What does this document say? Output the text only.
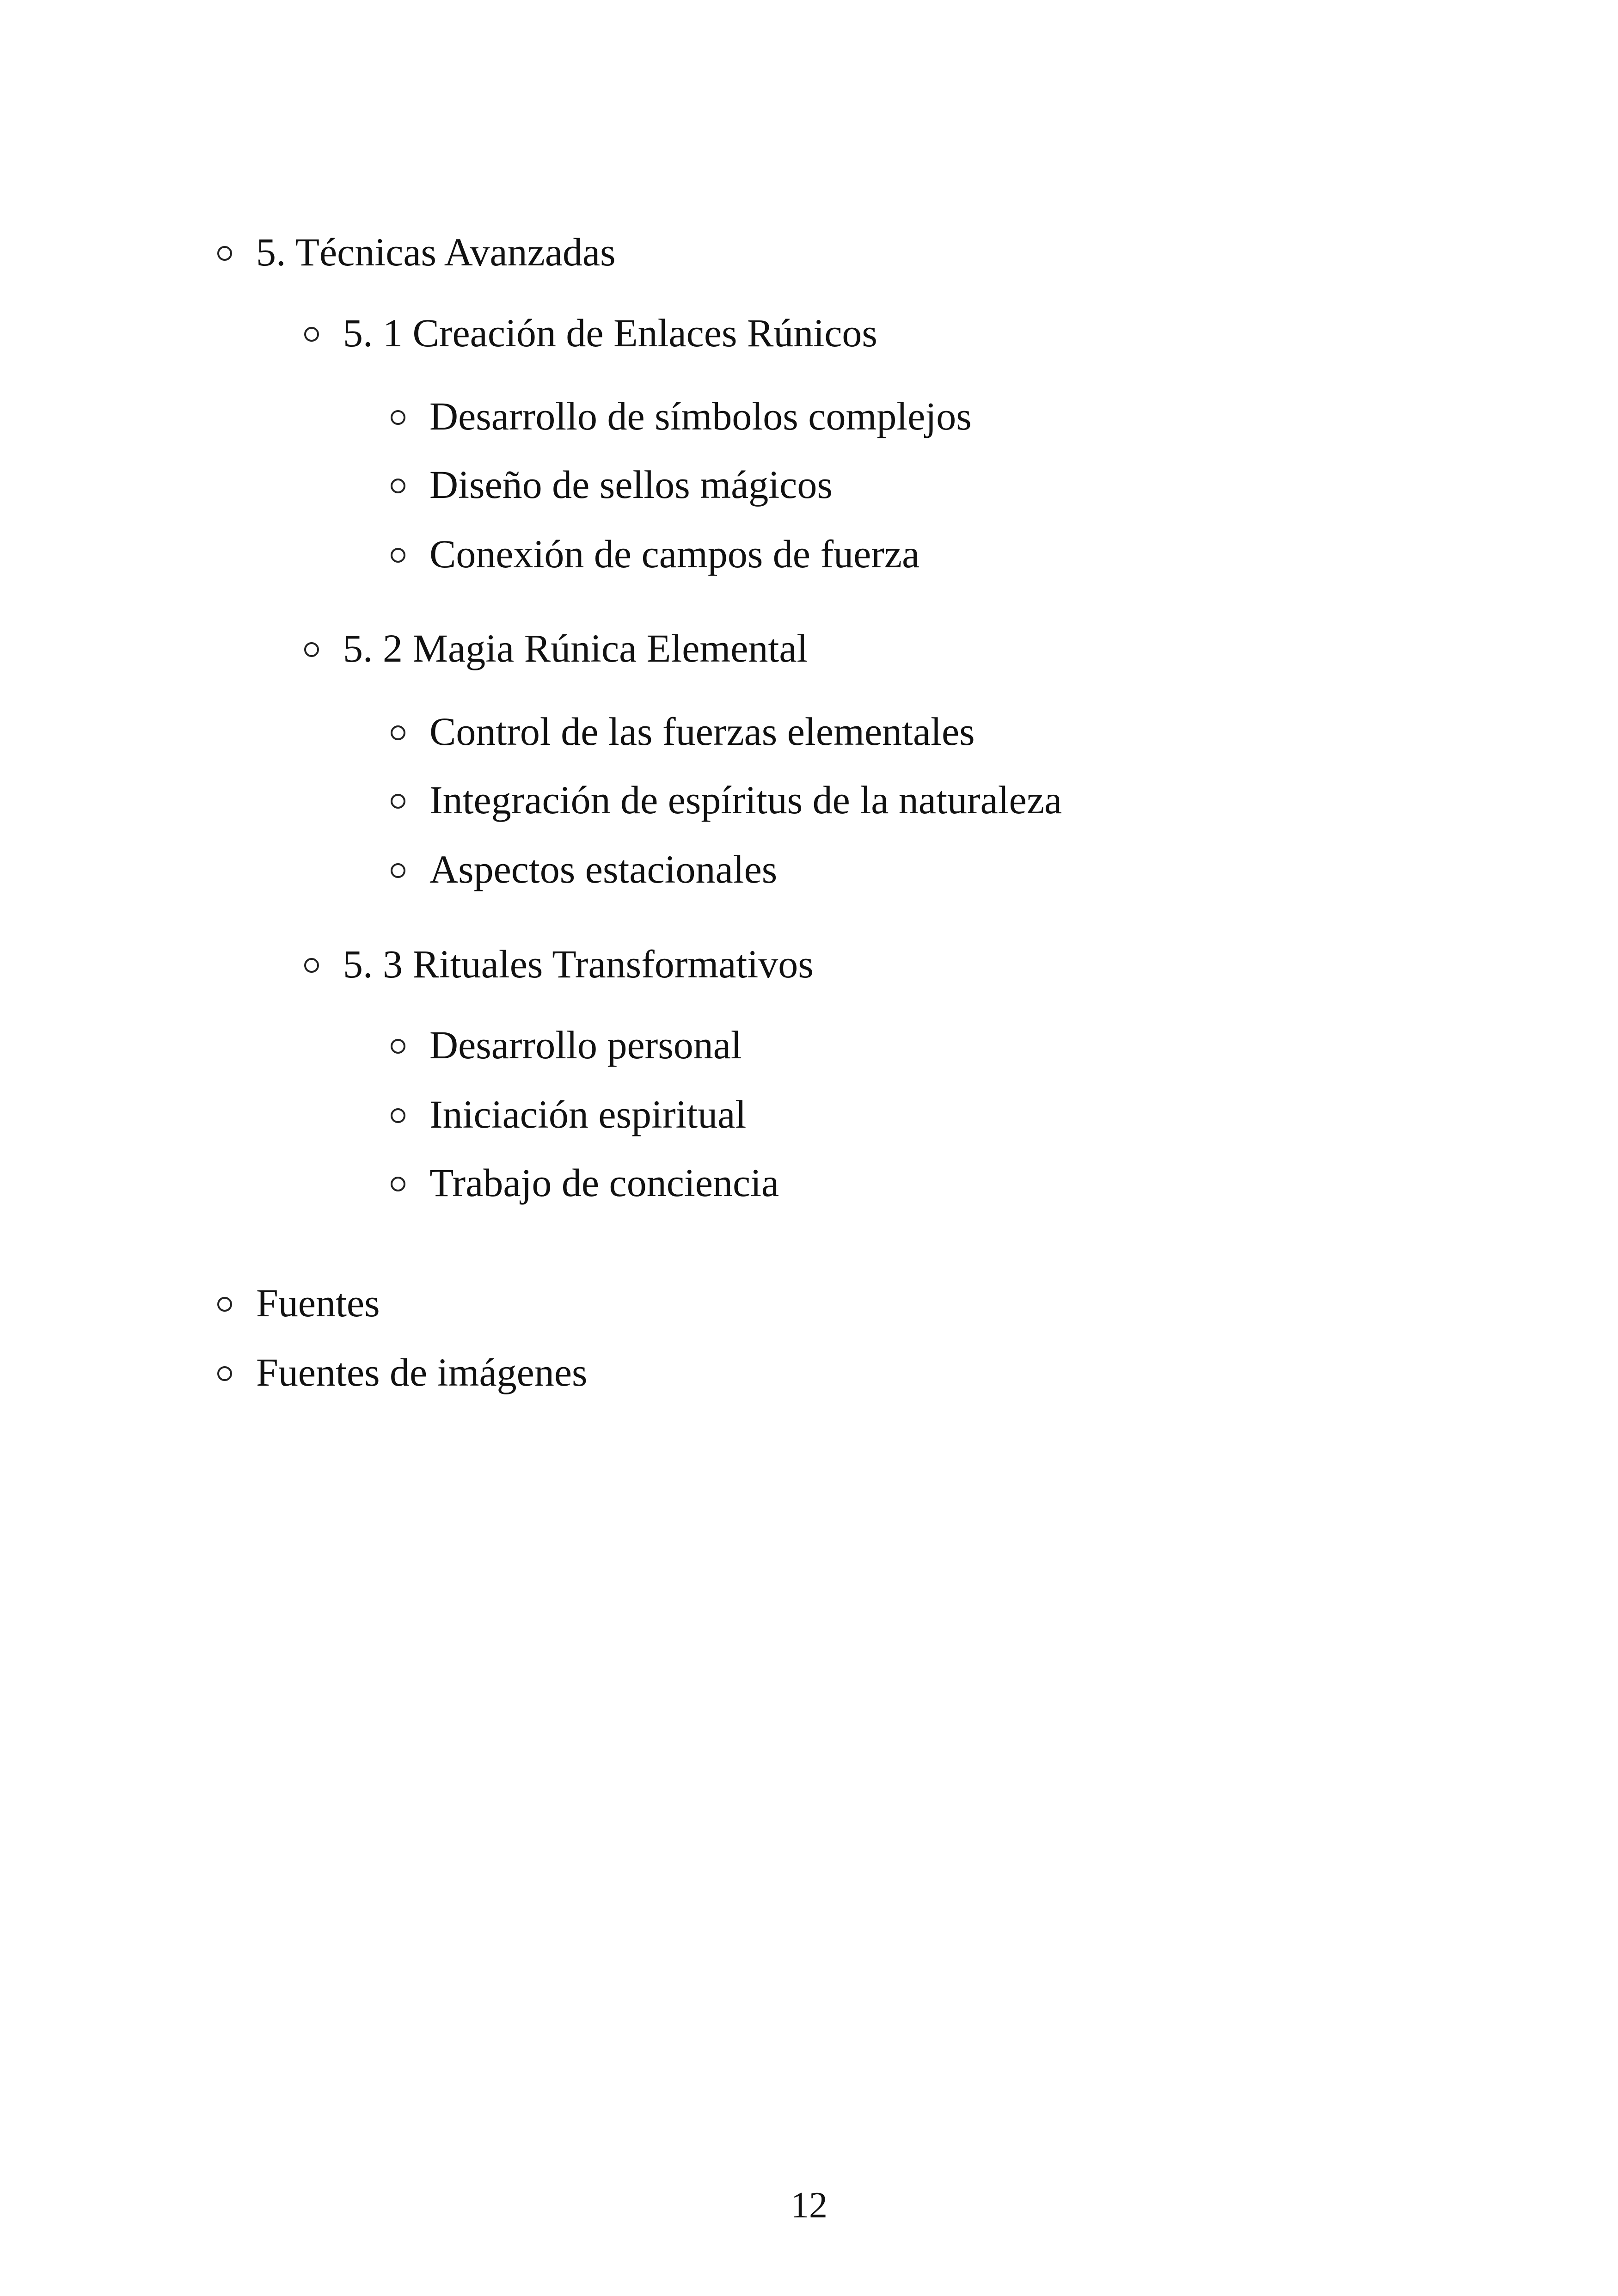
5. Técnicas Avanzadas
5. 1 Creación de Enlaces Rúnicos
Desarrollo de símbolos complejos
Diseño de sellos mágicos
Conexión de campos de fuerza
5. 2 Magia Rúnica Elemental
Control de las fuerzas elementales
Integración de espíritus de la naturaleza
Aspectos estacionales
5. 3 Rituales Transformativos
Desarrollo personal
Iniciación espiritual
Trabajo de conciencia
Fuentes
Fuentes de imágenes
12
